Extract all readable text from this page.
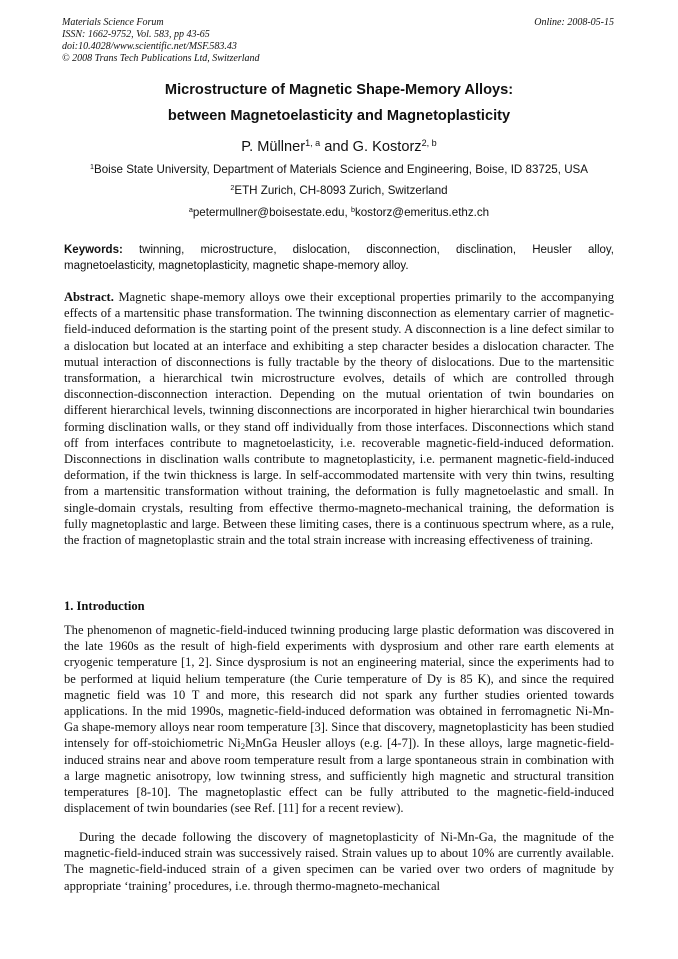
Materials Science Forum
ISSN: 1662-9752, Vol. 583, pp 43-65
doi:10.4028/www.scientific.net/MSF.583.43
© 2008 Trans Tech Publications Ltd, Switzerland
Online: 2008-05-15
Microstructure of Magnetic Shape-Memory Alloys:
between Magnetoelasticity and Magnetoplasticity
P. Müllner$^{1, a}$ and G. Kostorz$^{2, b}$
$^1$Boise State University, Department of Materials Science and Engineering, Boise, ID 83725, USA
$^2$ETH Zurich, CH-8093 Zurich, Switzerland
$^a$petermullner@boisestate.edu, $^b$kostorz@emeritus.ethz.ch
Keywords: twinning, microstructure, dislocation, disconnection, disclination, Heusler alloy, magnetoelasticity, magnetoplasticity, magnetic shape-memory alloy.
Abstract. Magnetic shape-memory alloys owe their exceptional properties primarily to the accompanying effects of a martensitic phase transformation. The twinning disconnection as elementary carrier of magnetic-field-induced deformation is the starting point of the present study. A disconnection is a line defect similar to a dislocation but located at an interface and exhibiting a step character besides a dislocation character. The mutual interaction of disconnections is fully tractable by the theory of dislocations. Due to the martensitic transformation, a hierarchical twin microstructure evolves, details of which are controlled through disconnection-disconnection interaction. Depending on the mutual orientation of twin boundaries on different hierarchical levels, twinning disconnections are incorporated in higher hierarchical twin boundaries forming disclination walls, or they stand off individually from those interfaces. Disconnections which stand off from interfaces contribute to magnetoelasticity, i.e. recoverable magnetic-field-induced deformation. Disconnections in disclination walls contribute to magnetoplasticity, i.e. permanent magnetic-field-induced deformation, if the twin thickness is large. In self-accommodated martensite with very thin twins, resulting from a martensitic transformation without training, the deformation is fully magnetoelastic and small. In single-domain crystals, resulting from effective thermo-magneto-mechanical training, the deformation is fully magnetoplastic and large. Between these limiting cases, there is a continuous spectrum where, as a rule, the fraction of magnetoplastic strain and the total strain increase with increasing effectiveness of training.
1. Introduction
The phenomenon of magnetic-field-induced twinning producing large plastic deformation was discovered in the late 1960s as the result of high-field experiments with dysprosium and other rare earth elements at cryogenic temperature [1, 2]. Since dysprosium is not an engineering material, since the experiments had to be performed at liquid helium temperature (the Curie temperature of Dy is 85 K), and since the required magnetic field was 10 T and more, this research did not spark any further studies oriented towards applications. In the mid 1990s, magnetic-field-induced deformation was obtained in ferromagnetic Ni-Mn-Ga shape-memory alloys near room temperature [3]. Since that discovery, magnetoplasticity has been studied intensely for off-stoichiometric $Ni_2MnGa$ Heusler alloys (e.g. [4-7]). In these alloys, large magnetic-field-induced strains near and above room temperature result from a large spontaneous strain in combination with a large magnetic anisotropy, low twinning stress, and sufficiently high magnetic and structural transition temperatures [8-10]. The magnetoplastic effect can be fully attributed to the magnetic-field-induced displacement of twin boundaries (see Ref. [11] for a recent review).
During the decade following the discovery of magnetoplasticity of Ni-Mn-Ga, the magnitude of the magnetic-field-induced strain was successively raised. Strain values up to about 10% are currently available. The magnetic-field-induced strain of a given specimen can be varied over two orders of magnitude by appropriate ‘training’ procedures, i.e. through thermo-magneto-mechanical
